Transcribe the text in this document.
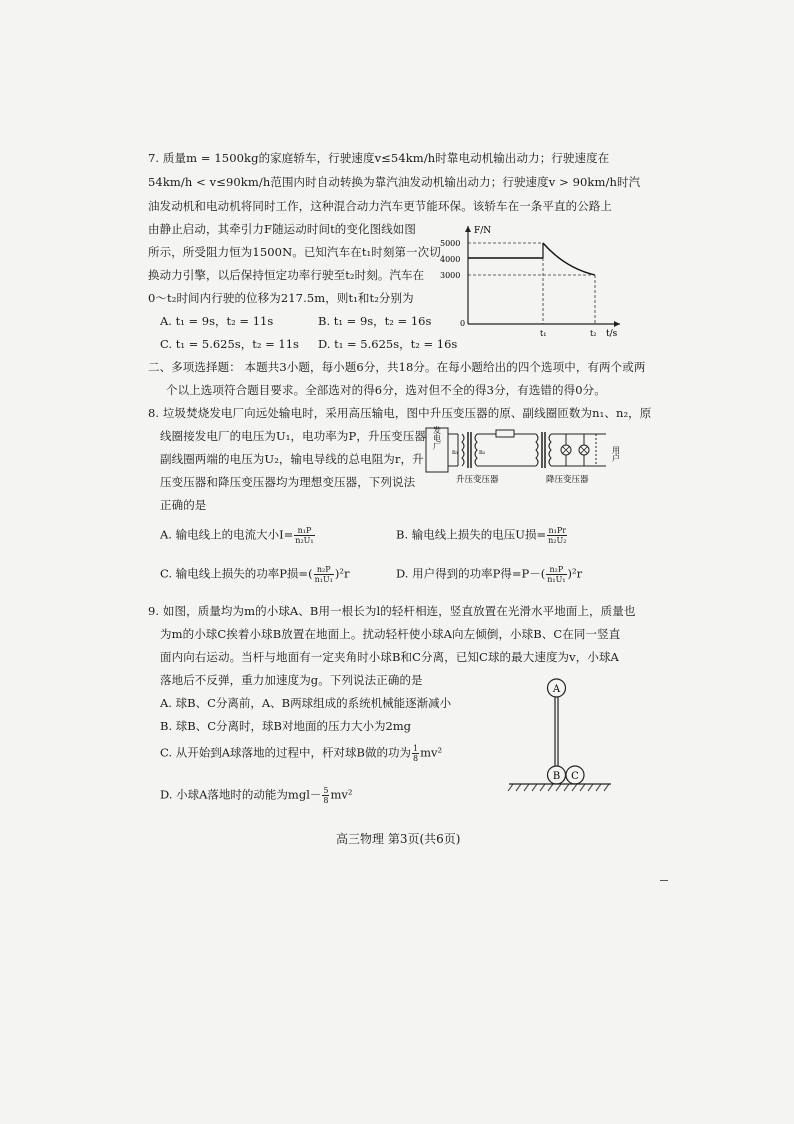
7. 质量m = 1500kg的家庭轿车，行驶速度v≤54km/h时靠电动机输出动力；行驶速度在
54km/h < v≤90km/h范围内时自动转换为靠汽油发动机输出动力；行驶速度v > 90km/h时汽
油发动机和电动机将同时工作，这种混合动力汽车更节能环保。该轿车在一条平直的公路上
由静止启动，其牵引力F随运动时间t的变化图线如图
所示，所受阻力恒为1500N。已知汽车在t₁时刻第一次切
换动力引擎，以后保持恒定功率行驶至t₂时刻。汽车在
0～t₂时间内行驶的位移为217.5m，则t₁和t₂分别为
A. t₁ = 9s，t₂ = 11s	B. t₁ = 9s，t₂ = 16s
C. t₁ = 5.625s，t₂ = 11s D. t₁ = 5.625s，t₂ = 16s
F/N
t/s
0
5000
4000
3000
t₁	t₂
二、多项选择题： 本题共3小题，每小题6分，共18分。在每小题给出的四个选项中，有两个或两
个以上选项符合题目要求。全部选对的得6分，选对但不全的得3分，有选错的得0分。
8. 垃圾焚烧发电厂向远处输电时，采用高压输电，图中升压变压器的原、副线圈匝数为n₁、n₂，原
线圈接发电厂的电压为U₁，电功率为P，升压变压器
副线圈两端的电压为U₂，输电导线的总电阻为r，升
压变压器和降压变压器均为理想变压器，下列说法
正确的是
发电厂
n₁	n₂	用户
升压变压器	降压变压器
A. 输电线上的电流大小$I= \frac{\text{n₁P}}{\text{n₂U₁}}$	B. 输电线上损失的电压U损= $\frac{\text{n₁Pr}}{\text{n₂U₂}}$
C. 输电线上损失的功率P损=( $\frac{\text{n₂P}}{\text{n₁U₁}} )^2r$	D. 用户得到的功率P得$=P-( \frac{\text{n₂P}}{\text{n₁U₁}} )^2r$
9. 如图，质量均为m的小球A、B用一根长为l的轻杆相连，竖直放置在光滑水平地面上，质量也
为m的小球C挨着小球B放置在地面上。扰动轻杆使小球A向左倾倒，小球B、C在同一竖直
面内向右运动。当杆与地面有一定夹角时小球B和C分离，已知C球的最大速度为v，小球A
落地后不反弹，重力加速度为g。下列说法正确的是
A. 球B、C分离前，A、B两球组成的系统机械能逐渐减小
B. 球B、C分离时，球B对地面的压力大小为2mg
C. 从开始到A球落地的过程中，杆对球B做的功为 $\frac{1}{8} mv^2$
D. 小球A落地时的动能为$mgl- \frac{5}{8} mv^2$
A
B C
高三物理 第3页(共6页)
